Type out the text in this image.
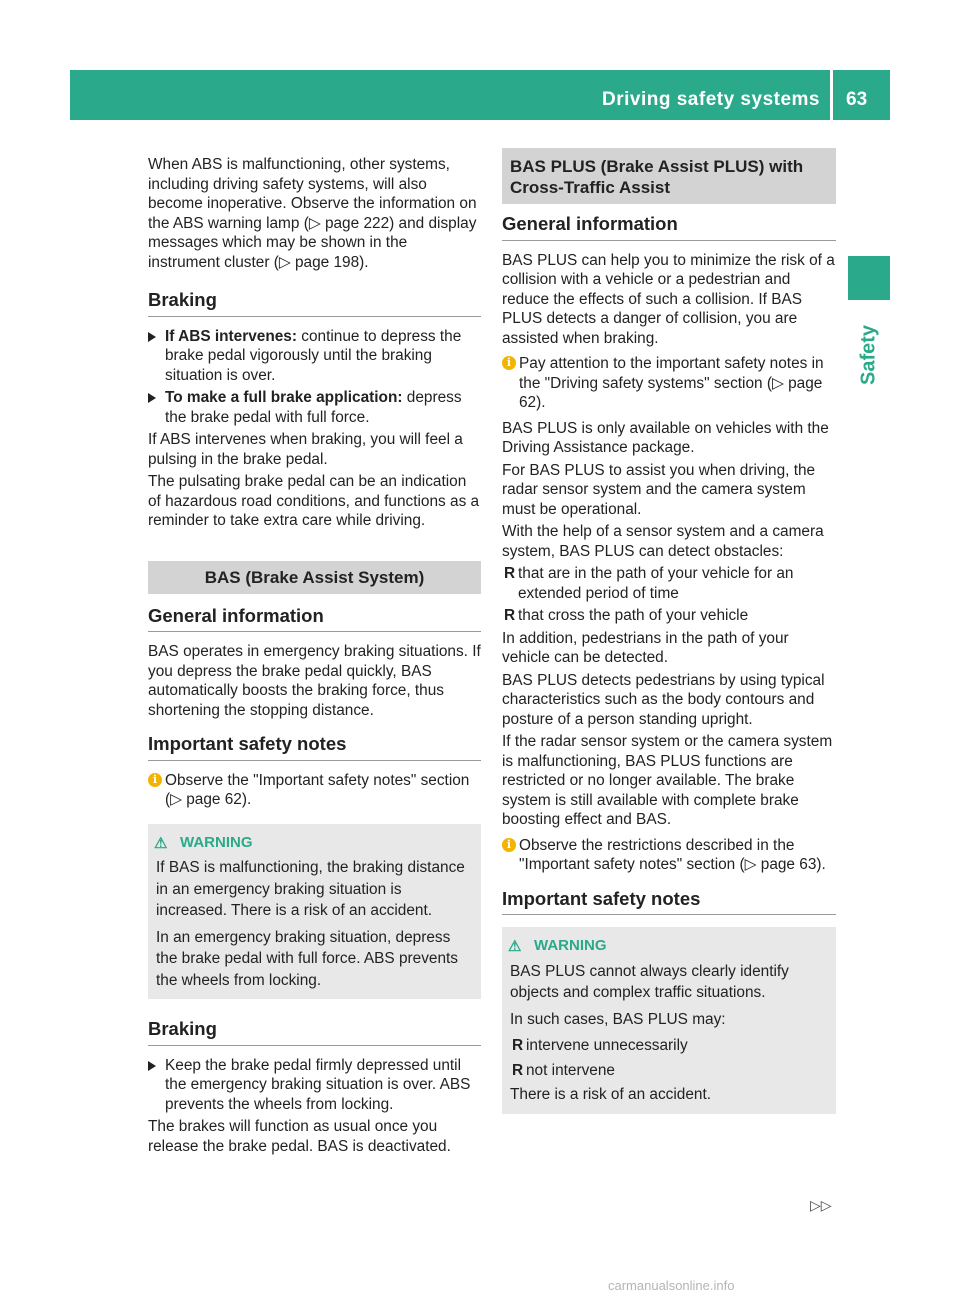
Driving safety systems 63
Safety

When ABS is malfunctioning, other systems, including driving safety systems, will also become inoperative. Observe the information on the ABS warning lamp (▷ page 222) and display messages which may be shown in the instrument cluster (▷ page 198).

Braking
If ABS intervenes: continue to depress the brake pedal vigorously until the braking situation is over.
To make a full brake application: depress the brake pedal with full force.

If ABS intervenes when braking, you will feel a pulsing in the brake pedal.

The pulsating brake pedal can be an indication of hazardous road conditions, and functions as a reminder to take extra care while driving.

BAS (Brake Assist System)
General information

BAS operates in emergency braking situations. If you depress the brake pedal quickly, BAS automatically boosts the braking force, thus shortening the stopping distance.

Important safety notes
i Observe the "Important safety notes" section (▷ page 62).
⚠ WARNING

If BAS is malfunctioning, the braking distance in an emergency braking situation is increased. There is a risk of an accident.

In an emergency braking situation, depress the brake pedal with full force. ABS prevents the wheels from locking.

Braking
Keep the brake pedal firmly depressed until the emergency braking situation is over. ABS prevents the wheels from locking.

The brakes will function as usual once you release the brake pedal. BAS is deactivated.

BAS PLUS (Brake Assist PLUS) with Cross-Traffic Assist
General information

BAS PLUS can help you to minimize the risk of a collision with a vehicle or a pedestrian and reduce the effects of such a collision. If BAS PLUS detects a danger of collision, you are assisted when braking.

i Pay attention to the important safety notes in the "Driving safety systems" section (▷ page 62).

BAS PLUS is only available on vehicles with the Driving Assistance package.

For BAS PLUS to assist you when driving, the radar sensor system and the camera system must be operational.

With the help of a sensor system and a camera system, BAS PLUS can detect obstacles:

R that are in the path of your vehicle for an extended period of time
R that cross the path of your vehicle

In addition, pedestrians in the path of your vehicle can be detected.

BAS PLUS detects pedestrians by using typical characteristics such as the body contours and posture of a person standing upright.

If the radar sensor system or the camera system is malfunctioning, BAS PLUS functions are restricted or no longer available. The brake system is still available with complete brake boosting effect and BAS.

i Observe the restrictions described in the "Important safety notes" section (▷ page 63).
Important safety notes
⚠ WARNING

BAS PLUS cannot always clearly identify objects and complex traffic situations.

In such cases, BAS PLUS may:

R intervene unnecessarily
R not intervene

There is a risk of an accident.

▷▷
carmanualsonline.info
